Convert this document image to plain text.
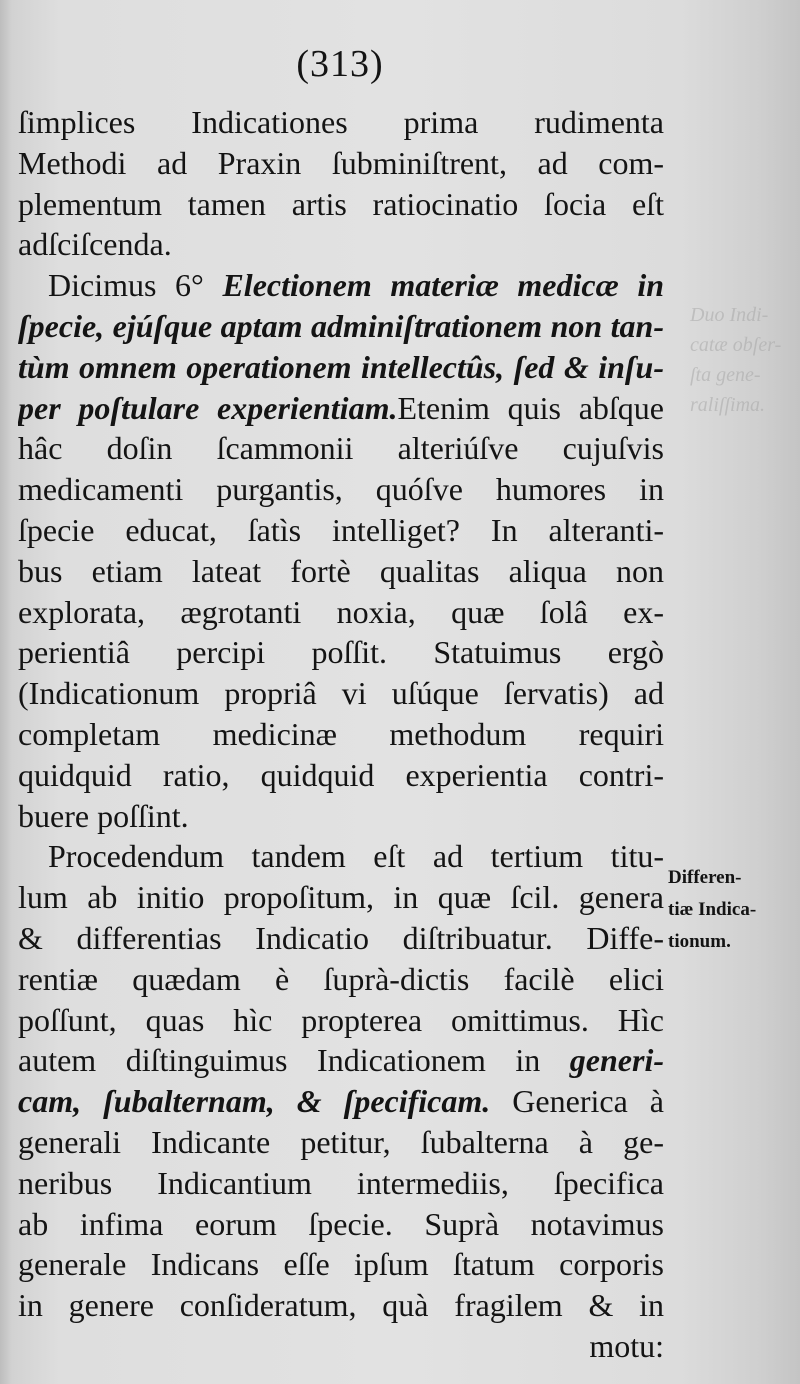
Duo Indi-
catæ obſer-
ſta gene-
raliſſima.
(313)
ſimplices Indicationes prima rudimenta
Methodi ad Praxin ſubminiſtrent, ad com-
plementum tamen artis ratiocinatio ſocia eſt
adſciſcenda.
Dicimus 6° Electionem materiæ medicæ in
ſpecie, ejúſque aptam adminiſtrationem non tan-
tùm omnem operationem intellectûs, ſed & inſu-
per poſtulare experientiam.Etenim quis abſque
hâc doſin ſcammonii alteriúſve cujuſvis
medicamenti purgantis, quóſve humores in
ſpecie educat, ſatìs intelliget? In alteranti-
bus etiam lateat fortè qualitas aliqua non
explorata, ægrotanti noxia, quæ ſolâ ex-
perientiâ percipi poſſit. Statuimus ergò
(Indicationum propriâ vi uſúque ſervatis) ad
completam medicinæ methodum requiri
quidquid ratio, quidquid experientia contri-
buere poſſint.
Procedendum tandem eſt ad tertium titu-
lum ab initio propoſitum, in quæ ſcil. genera
& differentias Indicatio diſtribuatur. Diffe-
rentiæ quædam è ſuprà-dictis facilè elici
poſſunt, quas hìc propterea omittimus. Hìc
autem diſtinguimus Indicationem in generi-
cam, ſubalternam, & ſpecificam. Generica à
generali Indicante petitur, ſubalterna à ge-
neribus Indicantium intermediis, ſpecifica
ab infima eorum ſpecie. Suprà notavimus
generale Indicans eſſe ipſum ſtatum corporis
in genere conſideratum, quà fragilem & in
motu:
Differen-
tiæ Indica-
tionum.
